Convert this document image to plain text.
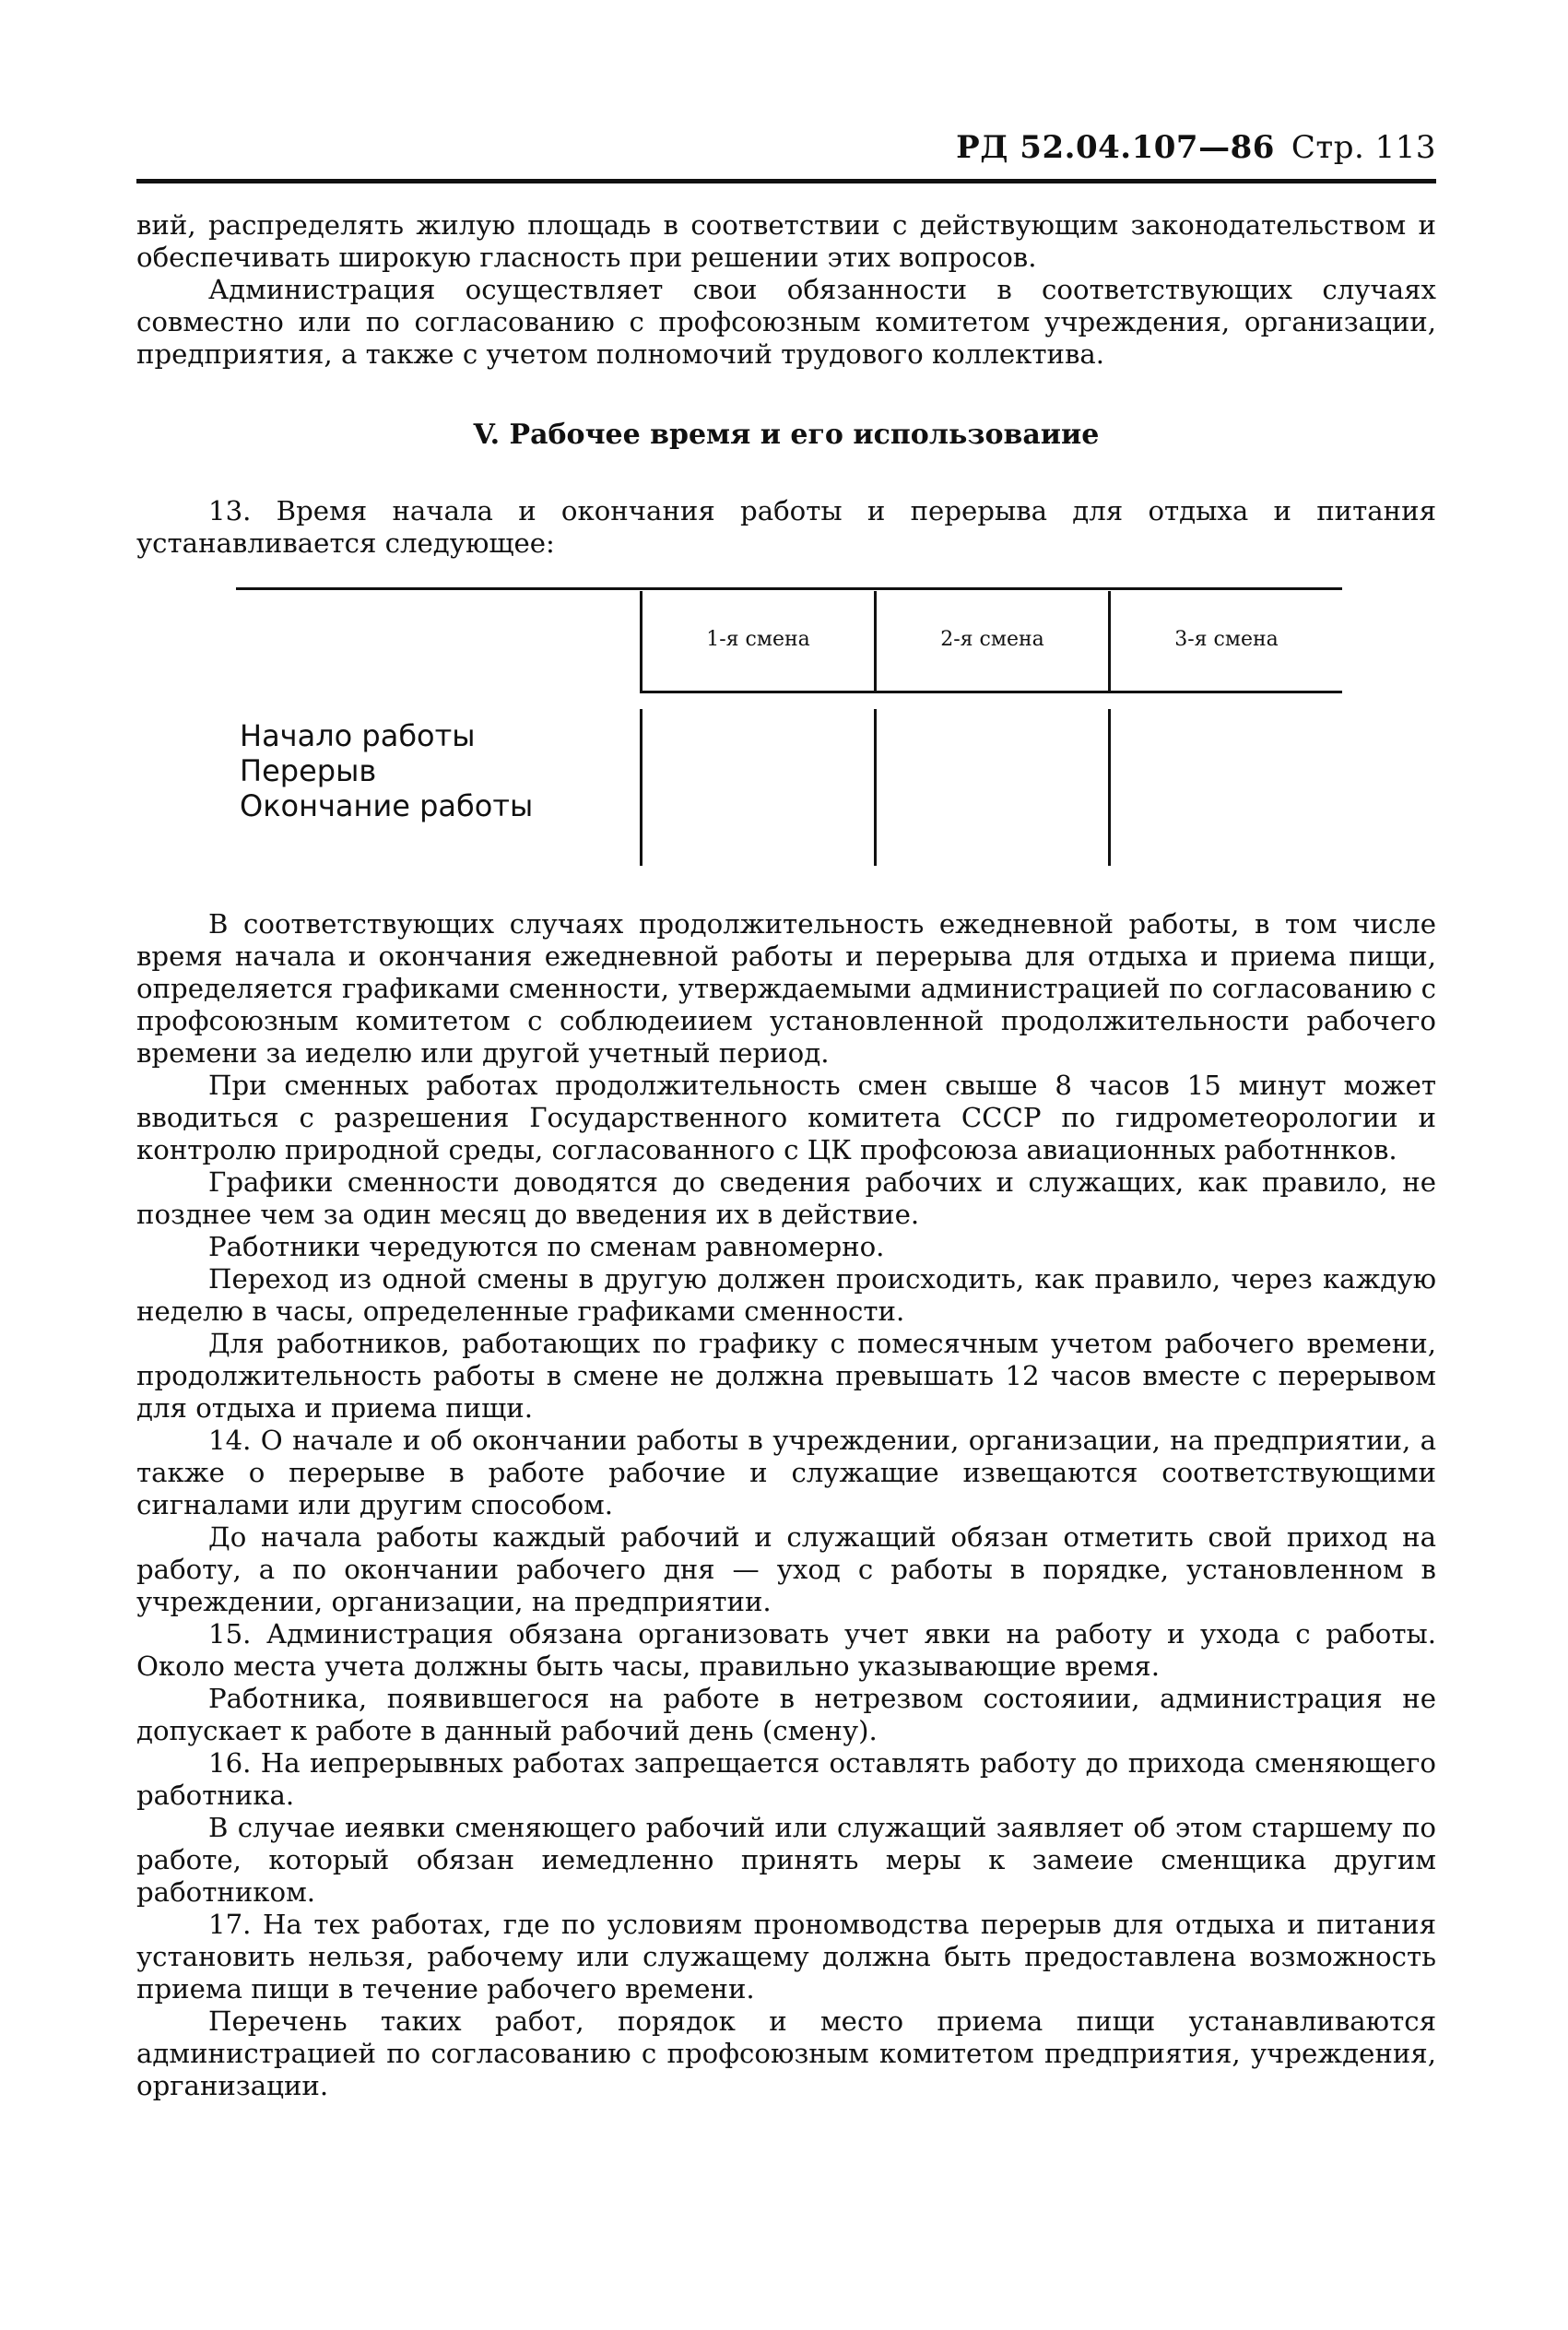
РД 52.04.107—86 Стр. 113

вий, распределять жилую площадь в соответствии с действующим законодательством и обеспечивать широкую гласность при решении этих вопросов.

Администрация осуществляет свои обязанности в соответствующих случаях совместно или по согласованию с профсоюзным комитетом учреждения, организации, предприятия, а также с учетом полномочий трудового коллектива.

V. Рабочее время и его использоваиие

13. Время начала и окончания работы и перерыва для отдыха и питания устанавливается следующее:

1-я смена	2-я смена	3-я смена
Начало работы
Перерыв
Окончание работы

В соответствующих случаях продолжительность ежедневной работы, в том числе время начала и окончания ежедневной работы и перерыва для отдыха и приема пищи, определяется графиками сменности, утверждаемыми администрацией по согласованию с профсоюзным комитетом с соблюдеиием установленной продолжительности рабочего времени за иеделю или другой учетный период.

При сменных работах продолжительность смен свыше 8 часов 15 минут может вводиться с разрешения Государственного комитета СССР по гидрометеорологии и контролю природной среды, согласованного с ЦК профсоюза авиационных работннков.

Графики сменности доводятся до сведения рабочих и служащих, как правило, не позднее чем за один месяц до введения их в действие.

Работники чередуются по сменам равномерно.

Переход из одной смены в другую должен происходить, как правило, через каждую неделю в часы, определенные графиками сменности.

Для работников, работающих по графику с помесячным учетом рабочего времени, продолжительность работы в смене не должна превышать 12 часов вместе с перерывом для отдыха и приема пищи.

14. О начале и об окончании работы в учреждении, организации, на предприятии, а также о перерыве в работе рабочие и служащие извещаются соответствующими сигналами или другим способом.

До начала работы каждый рабочий и служащий обязан отметить свой приход на работу, а по окончании рабочего дня — уход с работы в порядке, установленном в учреждении, организации, на предприятии.

15. Администрация обязана организовать учет явки на работу и ухода с работы. Около места учета должны быть часы, правильно указывающие время.

Работника, появившегося на работе в нетрезвом состояиии, администрация не допускает к работе в данный рабочий день (смену).

16. На иепрерывных работах запрещается оставлять работу до прихода сменяющего работника.

В случае иеявки сменяющего рабочий или служащий заявляет об этом старшему по работе, который обязан иемедленно принять меры к замеие сменщика другим работником.

17. На тех работах, где по условиям прономводства перерыв для отдыха и питания установить нельзя, рабочему или служащему должна быть предоставлена возможность приема пищи в течение рабочего времени.

Перечень таких работ, порядок и место приема пищи устанавливаются администрацией по согласованию с профсоюзным комитетом предприятия, учреждения, организации.
